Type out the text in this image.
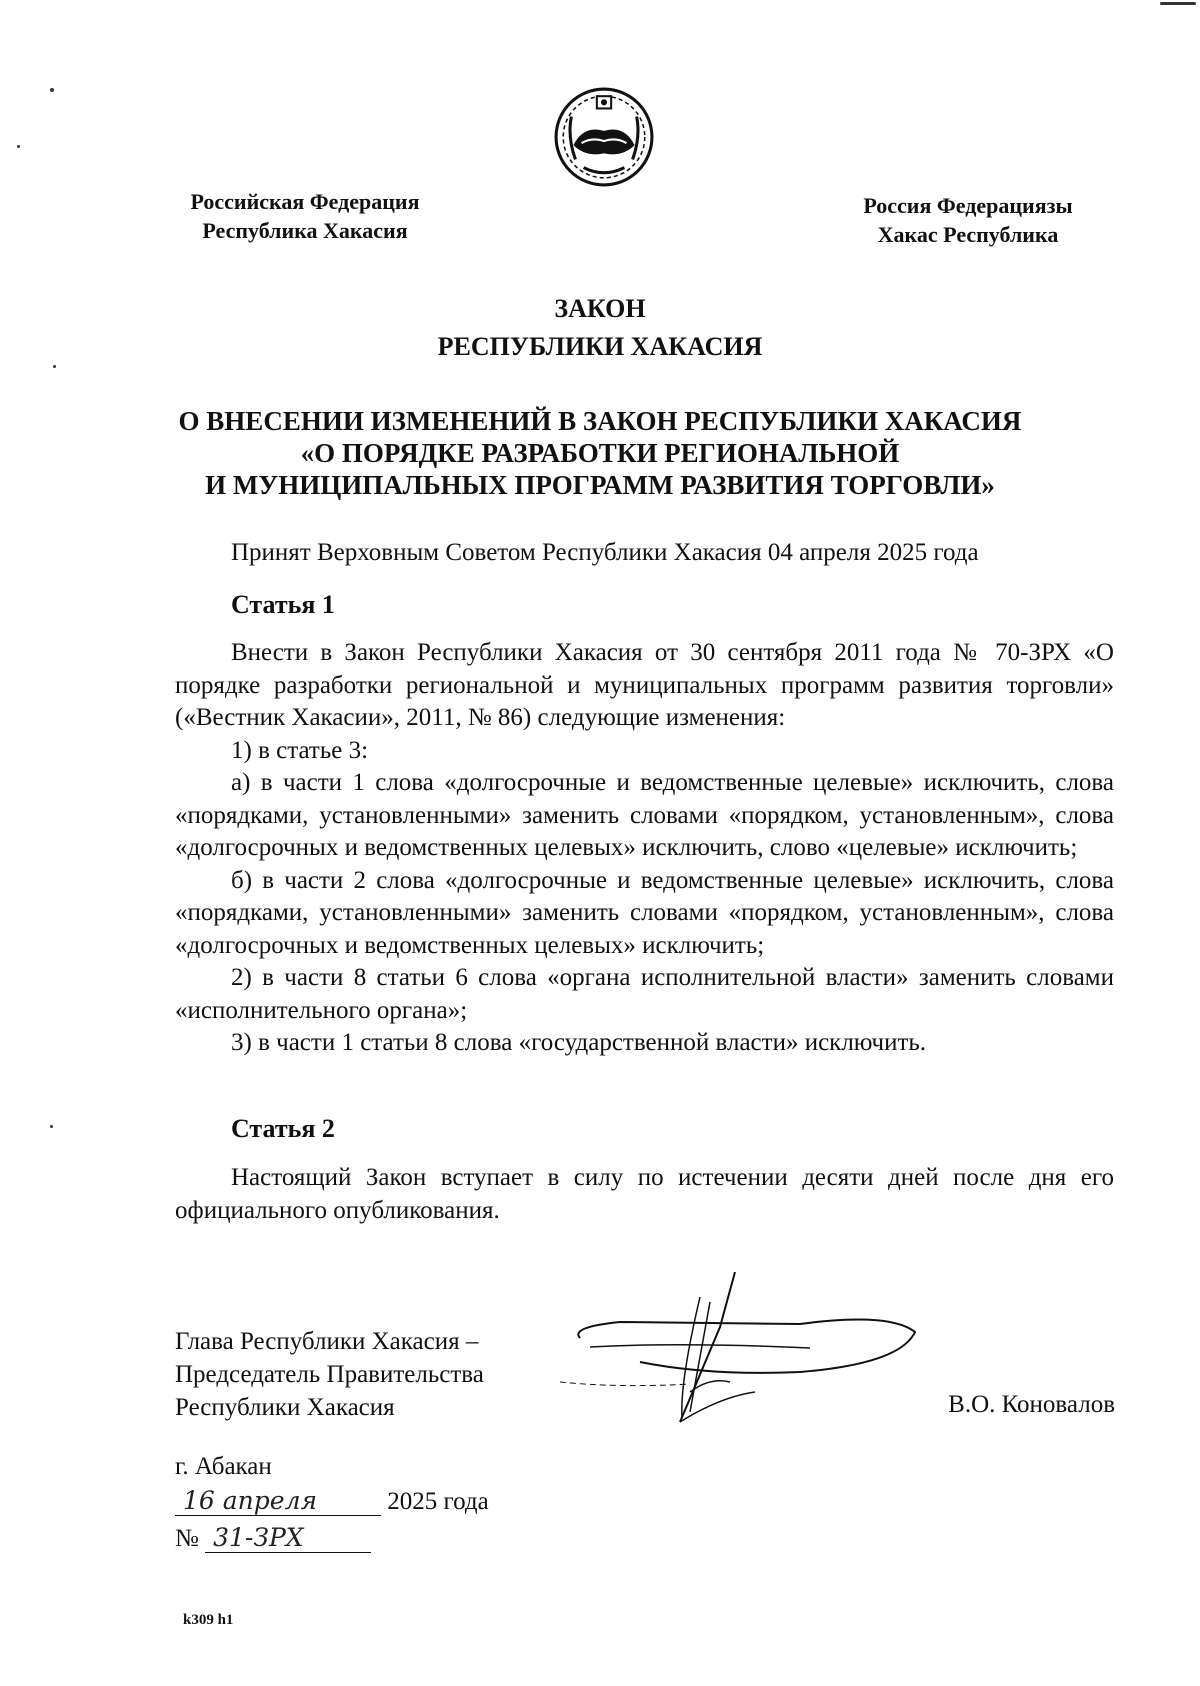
Российская Федерация
Республика Хакасия
Россия Федерациязы
Хакас Республика
ЗАКОН
РЕСПУБЛИКИ ХАКАСИЯ
О ВНЕСЕНИИ ИЗМЕНЕНИЙ В ЗАКОН РЕСПУБЛИКИ ХАКАСИЯ
«О ПОРЯДКЕ РАЗРАБОТКИ РЕГИОНАЛЬНОЙ
И МУНИЦИПАЛЬНЫХ ПРОГРАММ РАЗВИТИЯ ТОРГОВЛИ»
Принят Верховным Советом Республики Хакасия 04 апреля 2025 года
Статья 1

Внести в Закон Республики Хакасия от 30 сентября 2011 года № 70-ЗРХ «О порядке разработки региональной и муниципальных программ развития торговли» («Вестник Хакасии», 2011, № 86) следующие изменения:

1) в статье 3:

а) в части 1 слова «долгосрочные и ведомственные целевые» исключить, слова «порядками, установленными» заменить словами «порядком, установленным», слова «долгосрочных и ведомственных целевых» исключить, слово «целевые» исключить;

б) в части 2 слова «долгосрочные и ведомственные целевые» исключить, слова «порядками, установленными» заменить словами «порядком, установленным», слова «долгосрочных и ведомственных целевых» исключить;

2) в части 8 статьи 6 слова «органа исполнительной власти» заменить словами «исполнительного органа»;

3) в части 1 статьи 8 слова «государственной власти» исключить.

Статья 2

Настоящий Закон вступает в силу по истечении десяти дней после дня его официального опубликования.

Глава Республики Хакасия –
Председатель Правительства
Республики Хакасия	В.О. Коновалов
г. Абакан
16 апреля	2025 года
№ 31-ЗРХ
k309 h1
